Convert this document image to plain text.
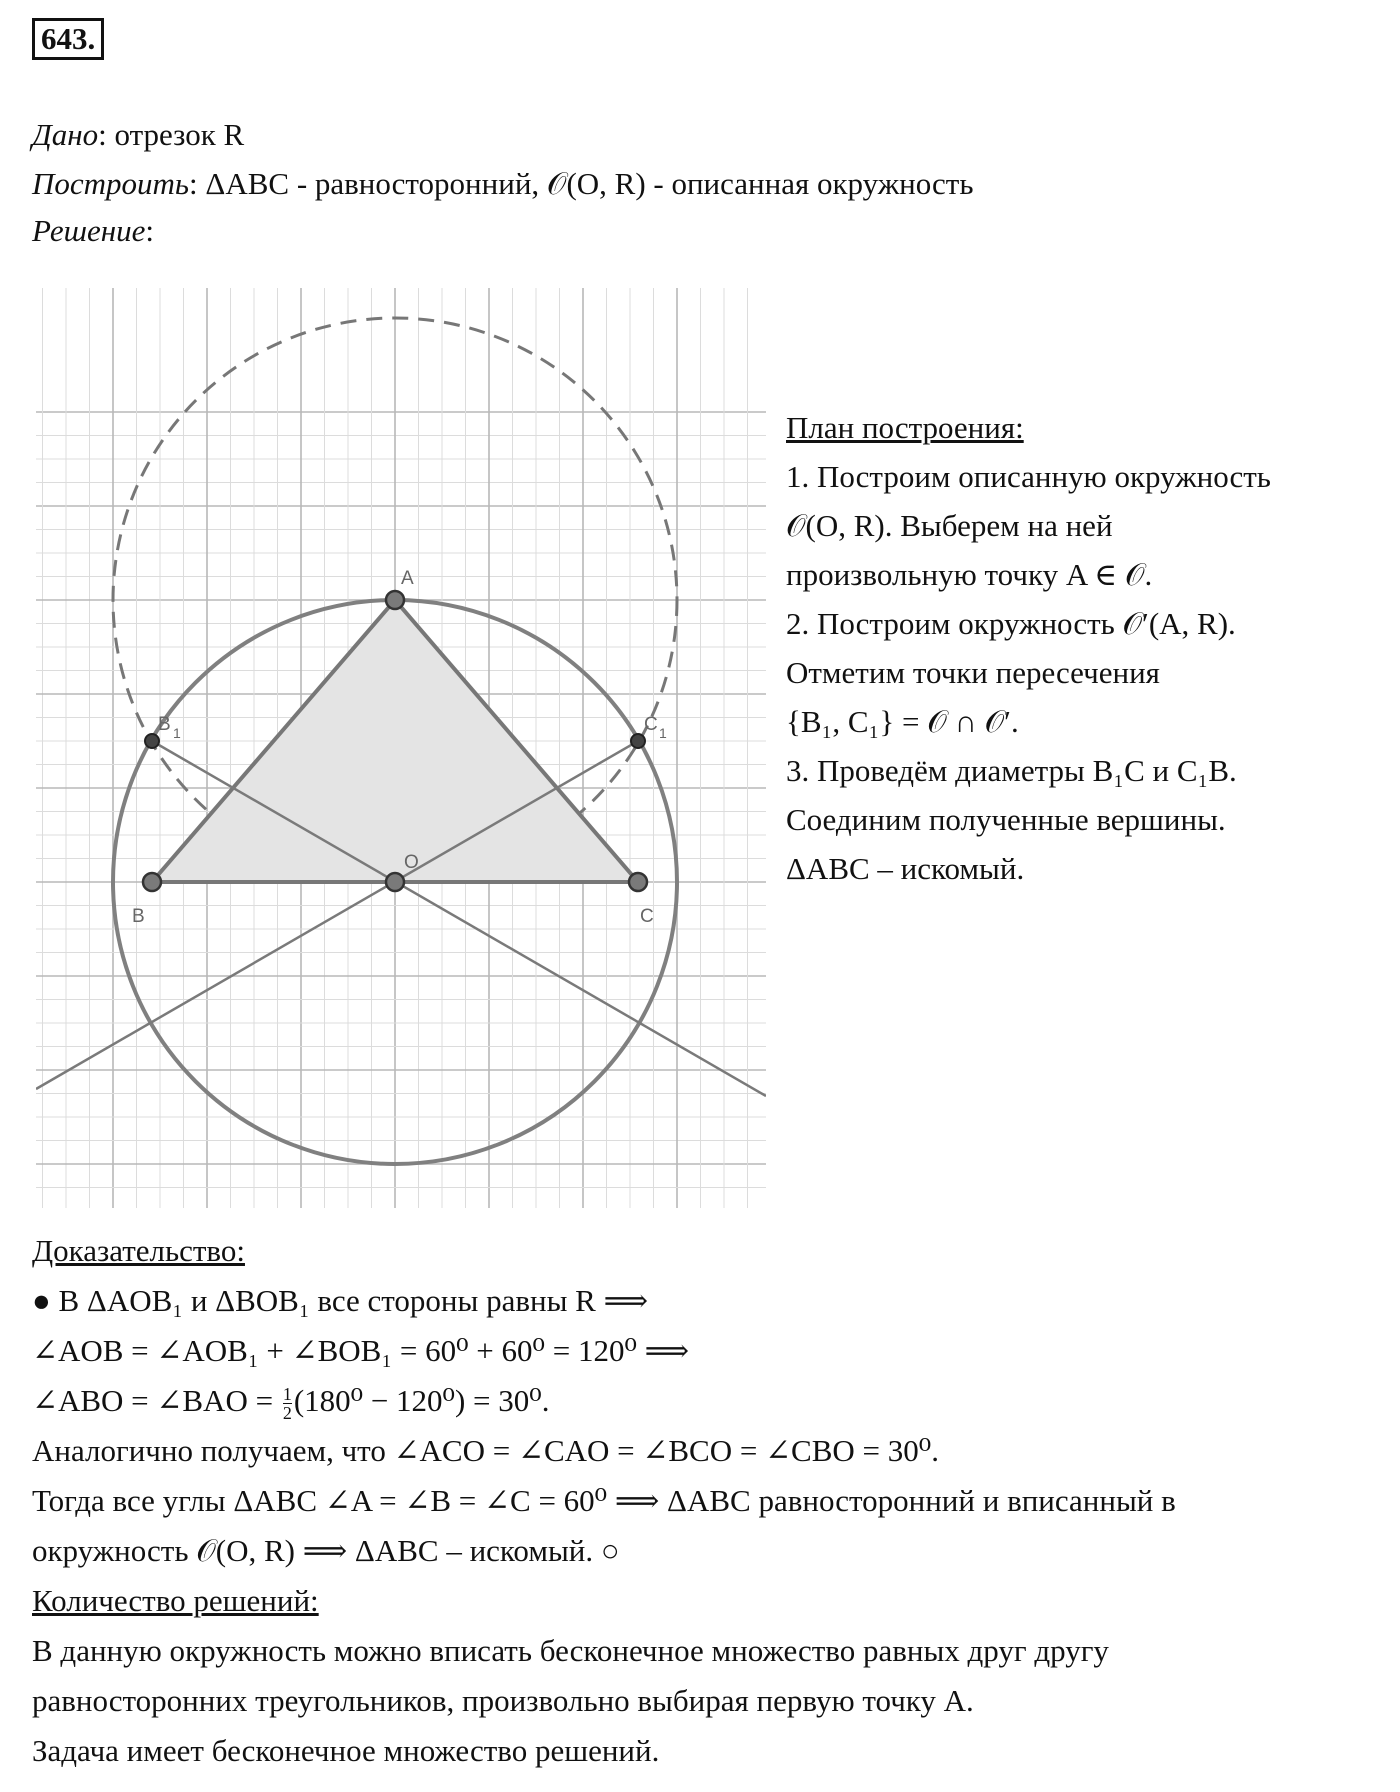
643.
Дано: отрезок R
Построить: ΔABC - равносторонний, 𝒪(O, R) - описанная окружность
Решение:
A
B	C
O
B 1	C 1
План построения:
1. Построим описанную окружность
𝒪(O, R). Выберем на ней
произвольную точку A ∈ 𝒪.
2. Построим окружность 𝒪′(A, R).
Отметим точки пересечения
{B₁, C₁} = 𝒪 ∩ 𝒪′.
3. Проведём диаметры B₁C и C₁B.
Соединим полученные вершины.
ΔABC – искомый.
Доказательство:
● В ΔAOB₁ и ΔBOB₁ все стороны равны R ⟹
∠AOB = ∠AOB₁ + ∠BOB₁ = 60⁰ + 60⁰ = 120⁰ ⟹
∠ABO = ∠BAO = $\frac{1}{2} (180^0 - 120^0) = 30^0$.
Аналогично получаем, что ∠ACO = ∠CAO = ∠BCO = ∠CBO = 30⁰.
Тогда все углы ΔABC ∠A = ∠B = ∠C = 60⁰ ⟹ ΔABC равносторонний и вписанный в
окружность 𝒪(O, R) ⟹ ΔABC – искомый. ○
Количество решений:
В данную окружность можно вписать бесконечное множество равных друг другу
равносторонних треугольников, произвольно выбирая первую точку A.
Задача имеет бесконечное множество решений.
